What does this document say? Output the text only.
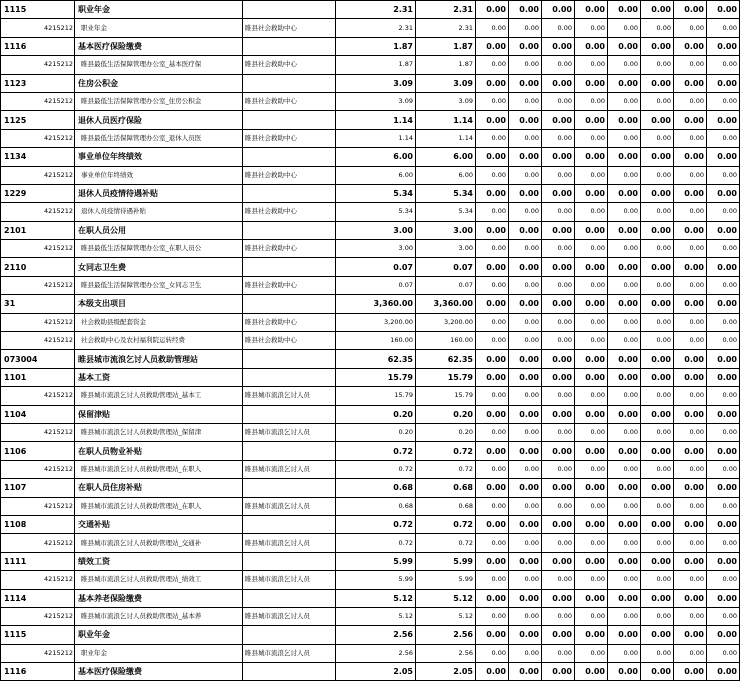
1115	职业年金		2.31	2.31	0.00	0.00	0.00	0.00	0.00	0.00	0.00	0.00
4215212	职业年金	睢县社会救助中心	2.31	2.31	0.00	0.00	0.00	0.00	0.00	0.00	0.00	0.00
1116	基本医疗保险缴费		1.87	1.87	0.00	0.00	0.00	0.00	0.00	0.00	0.00	0.00
4215212	睢县最低生活保障管理办公室_基本医疗保	睢县社会救助中心	1.87	1.87	0.00	0.00	0.00	0.00	0.00	0.00	0.00	0.00
1123	住房公积金		3.09	3.09	0.00	0.00	0.00	0.00	0.00	0.00	0.00	0.00
4215212	睢县最低生活保障管理办公室_住房公积金	睢县社会救助中心	3.09	3.09	0.00	0.00	0.00	0.00	0.00	0.00	0.00	0.00
1125	退休人员医疗保险		1.14	1.14	0.00	0.00	0.00	0.00	0.00	0.00	0.00	0.00
4215212	睢县最低生活保障管理办公室_退休人员医	睢县社会救助中心	1.14	1.14	0.00	0.00	0.00	0.00	0.00	0.00	0.00	0.00
1134	事业单位年终绩效		6.00	6.00	0.00	0.00	0.00	0.00	0.00	0.00	0.00	0.00
4215212	事业单位年终绩效	睢县社会救助中心	6.00	6.00	0.00	0.00	0.00	0.00	0.00	0.00	0.00	0.00
1229	退休人员疫情待遇补贴		5.34	5.34	0.00	0.00	0.00	0.00	0.00	0.00	0.00	0.00
4215212	退休人员疫情待遇补贴	睢县社会救助中心	5.34	5.34	0.00	0.00	0.00	0.00	0.00	0.00	0.00	0.00
2101	在职人员公用		3.00	3.00	0.00	0.00	0.00	0.00	0.00	0.00	0.00	0.00
4215212	睢县最低生活保障管理办公室_在职人员公	睢县社会救助中心	3.00	3.00	0.00	0.00	0.00	0.00	0.00	0.00	0.00	0.00
2110	女同志卫生费		0.07	0.07	0.00	0.00	0.00	0.00	0.00	0.00	0.00	0.00
4215212	睢县最低生活保障管理办公室_女同志卫生	睢县社会救助中心	0.07	0.07	0.00	0.00	0.00	0.00	0.00	0.00	0.00	0.00
31	本级支出项目		3,360.00	3,360.00	0.00	0.00	0.00	0.00	0.00	0.00	0.00	0.00
4215212	社会救助县级配套资金	睢县社会救助中心	3,200.00	3,200.00	0.00	0.00	0.00	0.00	0.00	0.00	0.00	0.00
4215212	社会救助中心及农村福利院运转经费	睢县社会救助中心	160.00	160.00	0.00	0.00	0.00	0.00	0.00	0.00	0.00	0.00
073004	睢县城市流浪乞讨人员救助管理站		62.35	62.35	0.00	0.00	0.00	0.00	0.00	0.00	0.00	0.00
1101	基本工资		15.79	15.79	0.00	0.00	0.00	0.00	0.00	0.00	0.00	0.00
4215212	睢县城市流浪乞讨人员救助管理站_基本工	睢县城市流浪乞讨人员	15.79	15.79	0.00	0.00	0.00	0.00	0.00	0.00	0.00	0.00
1104	保留津贴		0.20	0.20	0.00	0.00	0.00	0.00	0.00	0.00	0.00	0.00
4215212	睢县城市流浪乞讨人员救助管理站_保留津	睢县城市流浪乞讨人员	0.20	0.20	0.00	0.00	0.00	0.00	0.00	0.00	0.00	0.00
1106	在职人员物业补贴		0.72	0.72	0.00	0.00	0.00	0.00	0.00	0.00	0.00	0.00
4215212	睢县城市流浪乞讨人员救助管理站_在职人	睢县城市流浪乞讨人员	0.72	0.72	0.00	0.00	0.00	0.00	0.00	0.00	0.00	0.00
1107	在职人员住房补贴		0.68	0.68	0.00	0.00	0.00	0.00	0.00	0.00	0.00	0.00
4215212	睢县城市流浪乞讨人员救助管理站_在职人	睢县城市流浪乞讨人员	0.68	0.68	0.00	0.00	0.00	0.00	0.00	0.00	0.00	0.00
1108	交通补贴		0.72	0.72	0.00	0.00	0.00	0.00	0.00	0.00	0.00	0.00
4215212	睢县城市流浪乞讨人员救助管理站_交通补	睢县城市流浪乞讨人员	0.72	0.72	0.00	0.00	0.00	0.00	0.00	0.00	0.00	0.00
1111	绩效工资		5.99	5.99	0.00	0.00	0.00	0.00	0.00	0.00	0.00	0.00
4215212	睢县城市流浪乞讨人员救助管理站_绩效工	睢县城市流浪乞讨人员	5.99	5.99	0.00	0.00	0.00	0.00	0.00	0.00	0.00	0.00
1114	基本养老保险缴费		5.12	5.12	0.00	0.00	0.00	0.00	0.00	0.00	0.00	0.00
4215212	睢县城市流浪乞讨人员救助管理站_基本养	睢县城市流浪乞讨人员	5.12	5.12	0.00	0.00	0.00	0.00	0.00	0.00	0.00	0.00
1115	职业年金		2.56	2.56	0.00	0.00	0.00	0.00	0.00	0.00	0.00	0.00
4215212	职业年金	睢县城市流浪乞讨人员	2.56	2.56	0.00	0.00	0.00	0.00	0.00	0.00	0.00	0.00
1116	基本医疗保险缴费		2.05	2.05	0.00	0.00	0.00	0.00	0.00	0.00	0.00	0.00
